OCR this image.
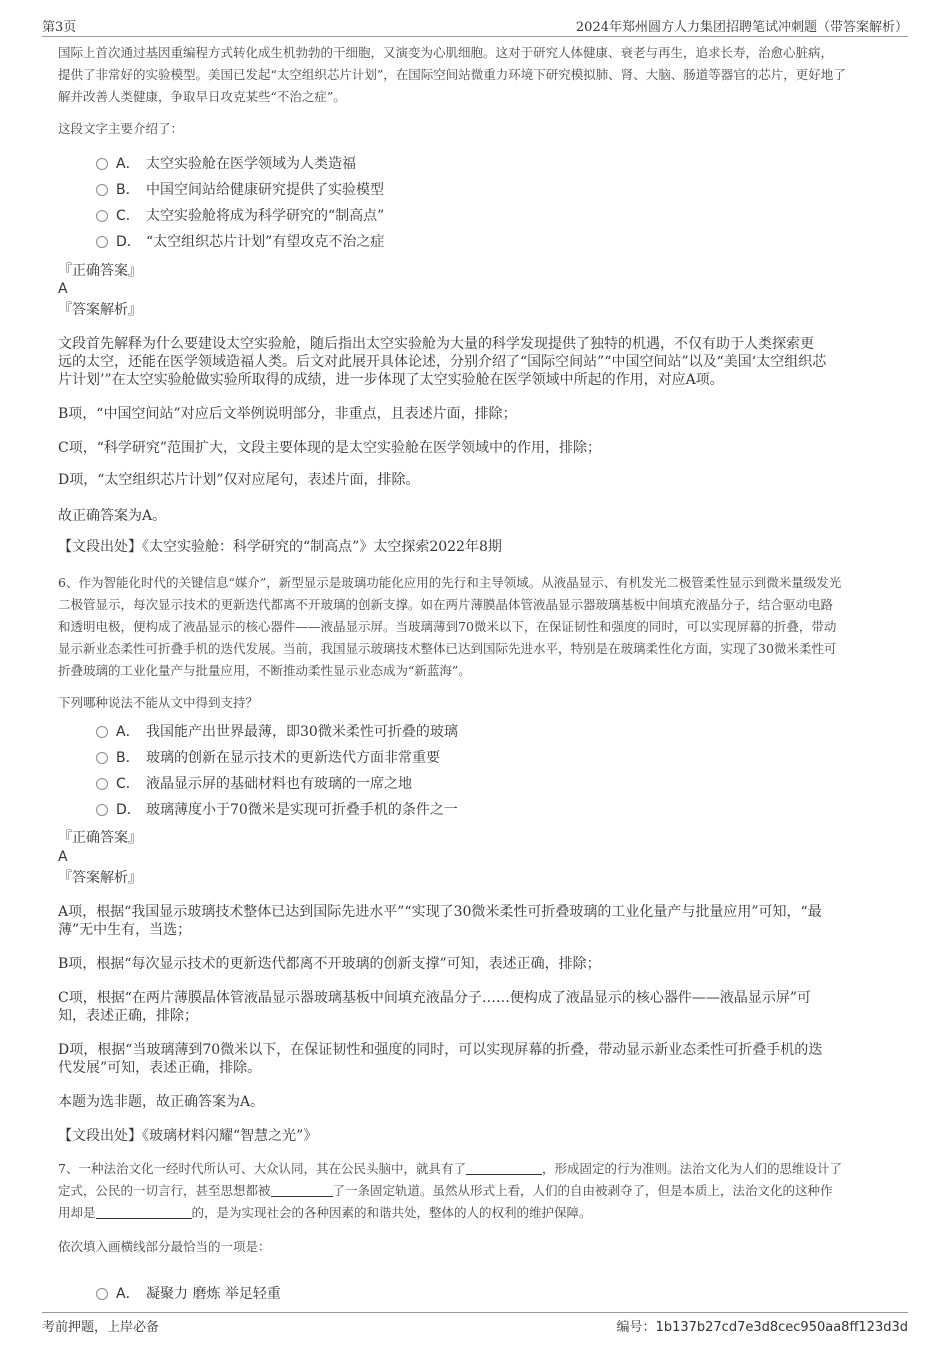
第3页	2024年郑州圆方人力集团招聘笔试冲刺题（带答案解析）

国际上首次通过基因重编程方式转化成生机勃勃的干细胞，又演变为心肌细胞。这对于研究人体健康、衰老与再生，追求长寿，治愈心脏病，

提供了非常好的实验模型。美国已发起“太空组织芯片计划”，在国际空间站微重力环境下研究模拟肺、肾、大脑、肠道等器官的芯片，更好地了

解并改善人类健康，争取早日攻克某些“不治之症”。

这段文字主要介绍了：

A． 太空实验舱在医学领域为人类造福
B． 中国空间站给健康研究提供了实验模型
C． 太空实验舱将成为科学研究的“制高点”
D． “太空组织芯片计划”有望攻克不治之症

『正确答案』

A

『答案解析』

文段首先解释为什么要建设太空实验舱，随后指出太空实验舱为大量的科学发现提供了独特的机遇，不仅有助于人类探索更

远的太空，还能在医学领域造福人类。后文对此展开具体论述，分别介绍了“国际空间站”“中国空间站”以及“美国‘太空组织芯

片计划’”在太空实验舱做实验所取得的成绩，进一步体现了太空实验舱在医学领域中所起的作用，对应A项。

B项，“中国空间站”对应后文举例说明部分，非重点，且表述片面，排除；

C项，“科学研究”范围扩大，文段主要体现的是太空实验舱在医学领域中的作用，排除；

D项，“太空组织芯片计划”仅对应尾句，表述片面，排除。

故正确答案为A。

【文段出处】《太空实验舱：科学研究的“制高点”》太空探索2022年8期

6、作为智能化时代的关键信息“媒介”，新型显示是玻璃功能化应用的先行和主导领域。从液晶显示、有机发光二极管柔性显示到微米量级发光

二极管显示，每次显示技术的更新迭代都离不开玻璃的创新支撑。如在两片薄膜晶体管液晶显示器玻璃基板中间填充液晶分子，结合驱动电路

和透明电极，便构成了液晶显示的核心器件——液晶显示屏。当玻璃薄到70微米以下，在保证韧性和强度的同时，可以实现屏幕的折叠，带动

显示新业态柔性可折叠手机的迭代发展。当前，我国显示玻璃技术整体已达到国际先进水平，特别是在玻璃柔性化方面，实现了30微米柔性可

折叠玻璃的工业化量产与批量应用，不断推动柔性显示业态成为“新蓝海”。

下列哪种说法不能从文中得到支持？

A． 我国能产出世界最薄，即30微米柔性可折叠的玻璃
B． 玻璃的创新在显示技术的更新迭代方面非常重要
C． 液晶显示屏的基础材料也有玻璃的一席之地
D． 玻璃薄度小于70微米是实现可折叠手机的条件之一

『正确答案』

A

『答案解析』

A项，根据“我国显示玻璃技术整体已达到国际先进水平”“实现了30微米柔性可折叠玻璃的工业化量产与批量应用”可知，“最

薄”无中生有，当选；

B项，根据“每次显示技术的更新迭代都离不开玻璃的创新支撑”可知，表述正确，排除；

C项，根据“在两片薄膜晶体管液晶显示器玻璃基板中间填充液晶分子……便构成了液晶显示的核心器件——液晶显示屏”可

知，表述正确，排除；

D项，根据“当玻璃薄到70微米以下，在保证韧性和强度的同时，可以实现屏幕的折叠，带动显示新业态柔性可折叠手机的迭

代发展”可知，表述正确，排除。

本题为选非题，故正确答案为A。

【文段出处】《玻璃材料闪耀“智慧之光”》

7、一种法治文化一经时代所认可、大众认同，其在公民头脑中，就具有了	，形成固定的行为准则。法治文化为人们的思维设计了

定式，公民的一切言行，甚至思想都被	了一条固定轨道。虽然从形式上看，人们的自由被剥夺了，但是本质上，法治文化的这种作

用却是	的，是为实现社会的各种因素的和谐共处，整体的人的权利的维护保障。

依次填入画横线部分最恰当的一项是：

A． 凝聚力 磨炼 举足轻重
考前押题，上岸必备	编号：1b137b27cd7e3d8cec950aa8ff123d3d
